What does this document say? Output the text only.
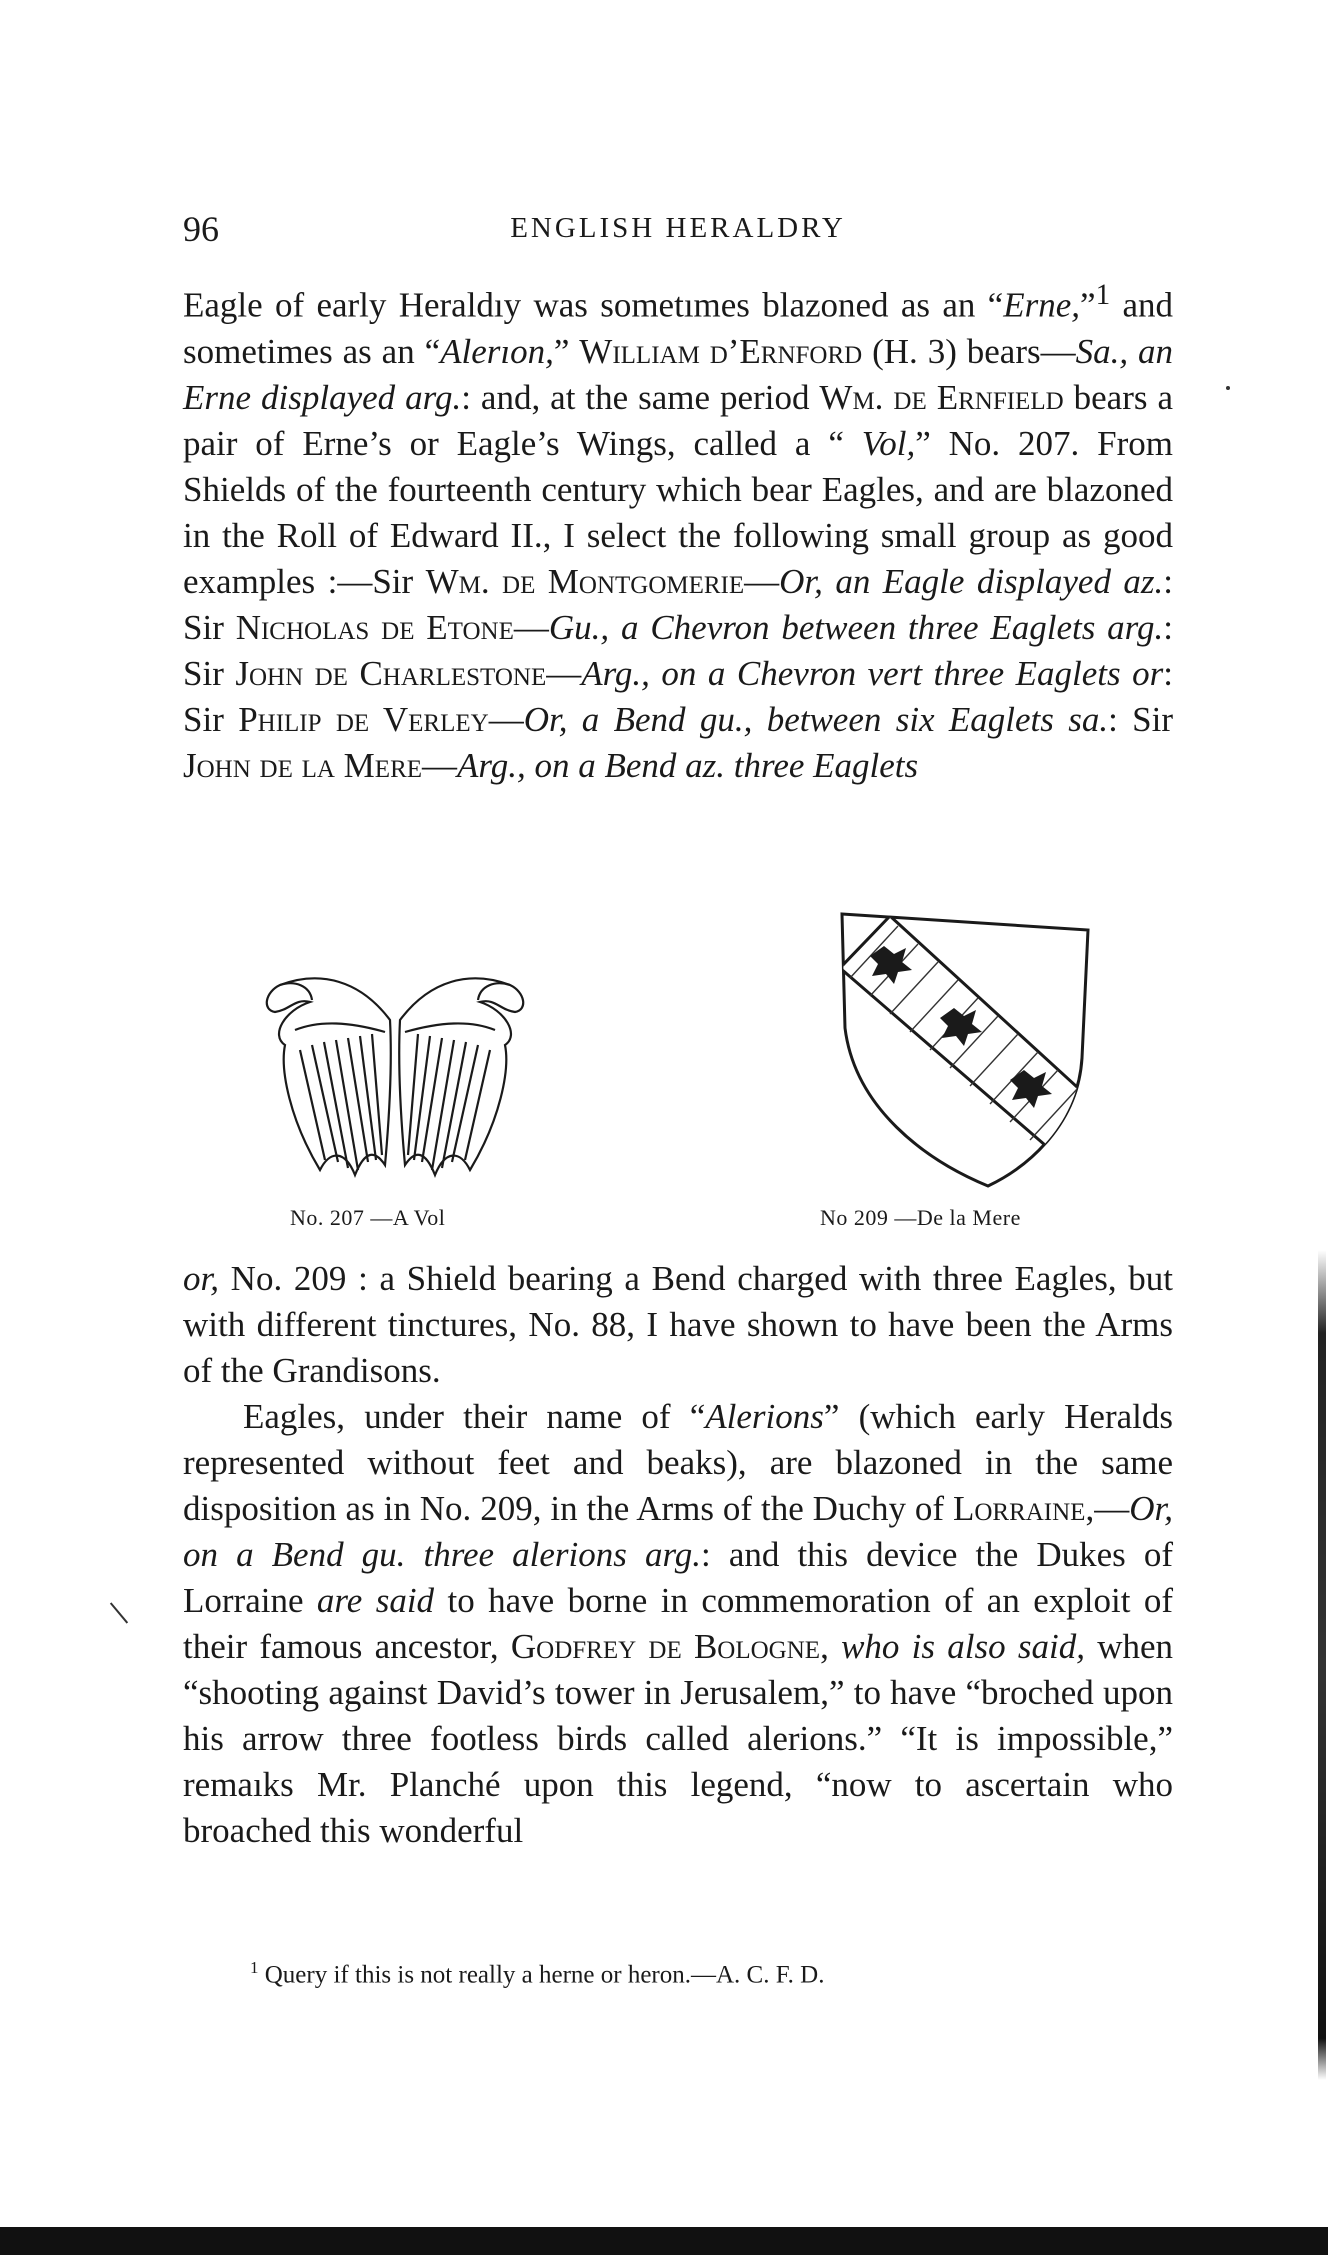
96	ENGLISH HERALDRY

Eagle of early Heraldıy was sometımes blazoned as an “Erne,”$^1$ and sometimes as an “Alerıon,” William d’Ernford (H. 3) bears—Sa., an Erne displayed arg.: and, at the same period Wm. de Ernfield bears a pair of Erne’s or Eagle’s Wings, called a “ Vol,” No. 207. From Shields of the fourteenth century which bear Eagles, and are blazoned in the Roll of Edward II., I select the following small group as good examples :—Sir Wm. de Montgomerie—Or, an Eagle displayed az.: Sir Nicholas de Etone—Gu., a Chevron between three Eaglets arg.: Sir John de Charlestone—Arg., on a Chevron vert three Eaglets or: Sir Philip de Verley—Or, a Bend gu., between six Eaglets sa.: Sir John de la Mere—Arg., on a Bend az. three Eaglets

No. 207 —A Vol	No 209 —De la Mere

or, No. 209 : a Shield bearing a Bend charged with three Eagles, but with different tinctures, No. 88, I have shown to have been the Arms of the Grandisons.

Eagles, under their name of “Alerions” (which early Heralds represented without feet and beaks), are blazoned in the same disposition as in No. 209, in the Arms of the Duchy of Lorraine,—Or, on a Bend gu. three alerions arg.: and this device the Dukes of Lorraine are said to have borne in commemoration of an exploit of their famous ancestor, Godfrey de Bologne, who is also said, when “shooting against David’s tower in Jerusalem,” to have “broched upon his arrow three footless birds called alerions.” “It is impossible,” remaıks Mr. Planché upon this legend, “now to ascertain who broached this wonderful

$^1$ Query if this is not really a herne or heron.—A. C. F. D.
